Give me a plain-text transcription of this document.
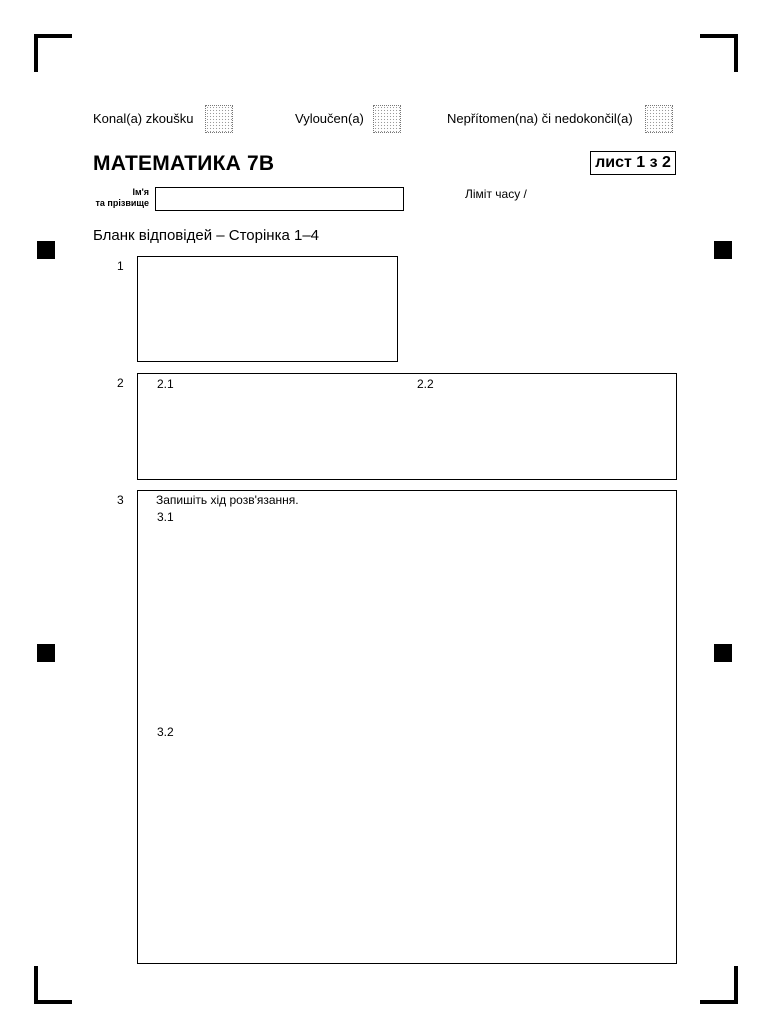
Konal(a) zkoušku	Vyloučen(a)	Nepřítomen(na) či nedokončil(a)
МАТЕМАТИКА 7В	лист 1 з 2
Ім'я
та прізвище
Ліміт часу /
Бланк відповідей – Сторінка 1–4
1
2	2.1	2.2
3	Запишіть хід розв'язання.
3.1
3.2
